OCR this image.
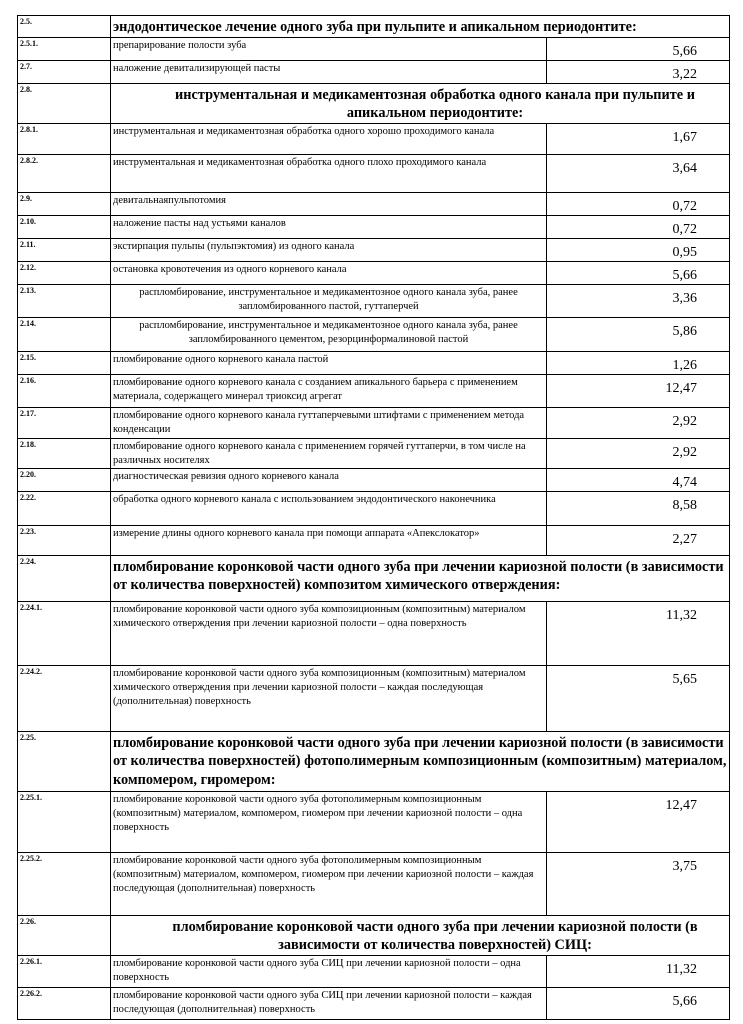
2.5.	эндодонтическое лечение одного зуба при пульпите и апикальном периодонтите:	
2.5.1.	препарирование полости зуба	5,66
2.7.	наложение девитализирующей пасты	3,22
2.8.	инструментальная и медикаментозная обработка одного канала при пульпите и апикальном периодонтите:	
2.8.1.	инструментальная и медикаментозная обработка одного хорошо проходимого канала	1,67
2.8.2.	инструментальная и медикаментозная обработка одного плохо проходимого канала	3,64
2.9.	девитальнаяпульпотомия	0,72
2.10.	наложение пасты над устьями каналов	0,72
2.11.	экстирпация пульпы (пульпэктомия) из одного канала	0,95
2.12.	остановка кровотечения из одного корневого канала	5,66
2.13.	распломбирование, инструментальное и медикаментозное одного канала зуба, ранее запломбированного пастой, гуттаперчей	3,36
2.14.	распломбирование, инструментальное и медикаментозное одного канала зуба, ранее запломбированного цементом, резорцинформалиновой пастой	5,86
2.15.	пломбирование одного корневого канала пастой	1,26
2.16.	пломбирование одного корневого канала с созданием апикального барьера с применением материала, содержащего минерал триоксид агрегат	12,47
2.17.	пломбирование одного корневого канала гуттаперчевыми штифтами с применением метода конденсации	2,92
2.18.	пломбирование одного корневого канала с применением горячей гуттаперчи, в том числе на различных носителях	2,92
2.20.	диагностическая ревизия одного корневого канала	4,74
2.22.	обработка одного корневого канала с использованием эндодонтического наконечника	8,58
2.23.	измерение длины одного корневого канала при помощи аппарата «Апекслокатор»	2,27
2.24.	пломбирование коронковой части одного зуба при лечении кариозной полости (в зависимости от количества поверхностей) композитом химического отверждения:	
2.24.1.	пломбирование коронковой части одного зуба композиционным (композитным) материалом химического отверждения при лечении кариозной полости – одна поверхность	11,32
2.24.2.	пломбирование коронковой части одного зуба композиционным (композитным) материалом химического отверждения при лечении кариозной полости – каждая последующая (дополнительная) поверхность	5,65
2.25.	пломбирование коронковой части одного зуба при лечении кариозной полости (в зависимости от количества поверхностей) фотополимерным композиционным (композитным) материалом, компомером, гиромером:	
2.25.1.	пломбирование коронковой части одного зуба фотополимерным композиционным (композитным) материалом, компомером, гиомером при лечении кариозной полости – одна поверхность	12,47
2.25.2.	пломбирование коронковой части одного зуба фотополимерным композиционным (композитным) материалом, компомером, гиомером при лечении кариозной полости – каждая последующая (дополнительная) поверхность	3,75
2.26.	пломбирование коронковой части одного зуба при лечении кариозной полости (в зависимости от количества поверхностей) СИЦ:	
2.26.1.	пломбирование коронковой части одного зуба СИЦ при лечении кариозной полости – одна поверхность	11,32
2.26.2.	пломбирование коронковой части одного зуба СИЦ при лечении кариозной полости – каждая последующая (дополнительная) поверхность	5,66
